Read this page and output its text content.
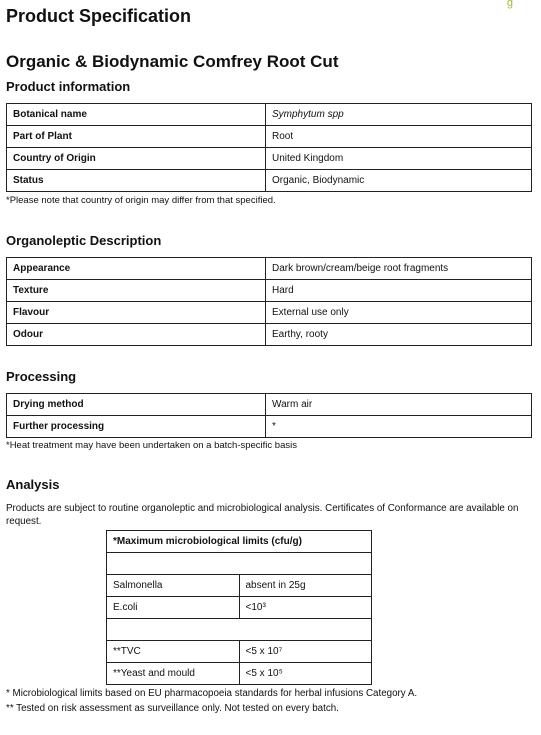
g
Product Specification
Organic & Biodynamic Comfrey Root Cut
Product information
Botanical name	Symphytum spp
Part of Plant	Root
Country of Origin	United Kingdom
Status	Organic, Biodynamic

*Please note that country of origin may differ from that specified.

Organoleptic Description
Appearance	Dark brown/cream/beige root fragments
Texture	Hard
Flavour	External use only
Odour	Earthy, rooty
Processing
Drying method	Warm air
Further processing	*

*Heat treatment may have been undertaken on a batch-specific basis

Analysis

Products are subject to routine organoleptic and microbiological analysis. Certificates of Conformance are available on request.

*Maximum microbiological limits (cfu/g)	

Salmonella	absent in 25g
E.coli	<10³

**TVC	<5 x 10⁷
**Yeast and mould	<5 x 10⁵

* Microbiological limits based on EU pharmacopoeia standards for herbal infusions Category A.

** Tested on risk assessment as surveillance only. Not tested on every batch.
